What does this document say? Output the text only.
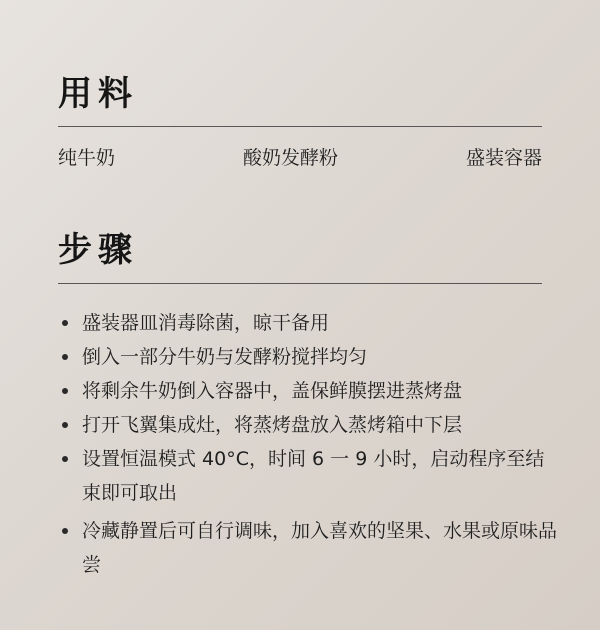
用料
纯牛奶	酸奶发酵粉	盛装容器
步骤
盛装器皿消毒除菌，晾干备用
倒入一部分牛奶与发酵粉搅拌均匀
将剩余牛奶倒入容器中，盖保鲜膜摆进蒸烤盘
打开飞翼集成灶，将蒸烤盘放入蒸烤箱中下层
设置恒温模式 40°C，时间 6 一 9 小时，启动程序至结束即可取出
冷藏静置后可自行调味，加入喜欢的坚果、水果或原味品尝
